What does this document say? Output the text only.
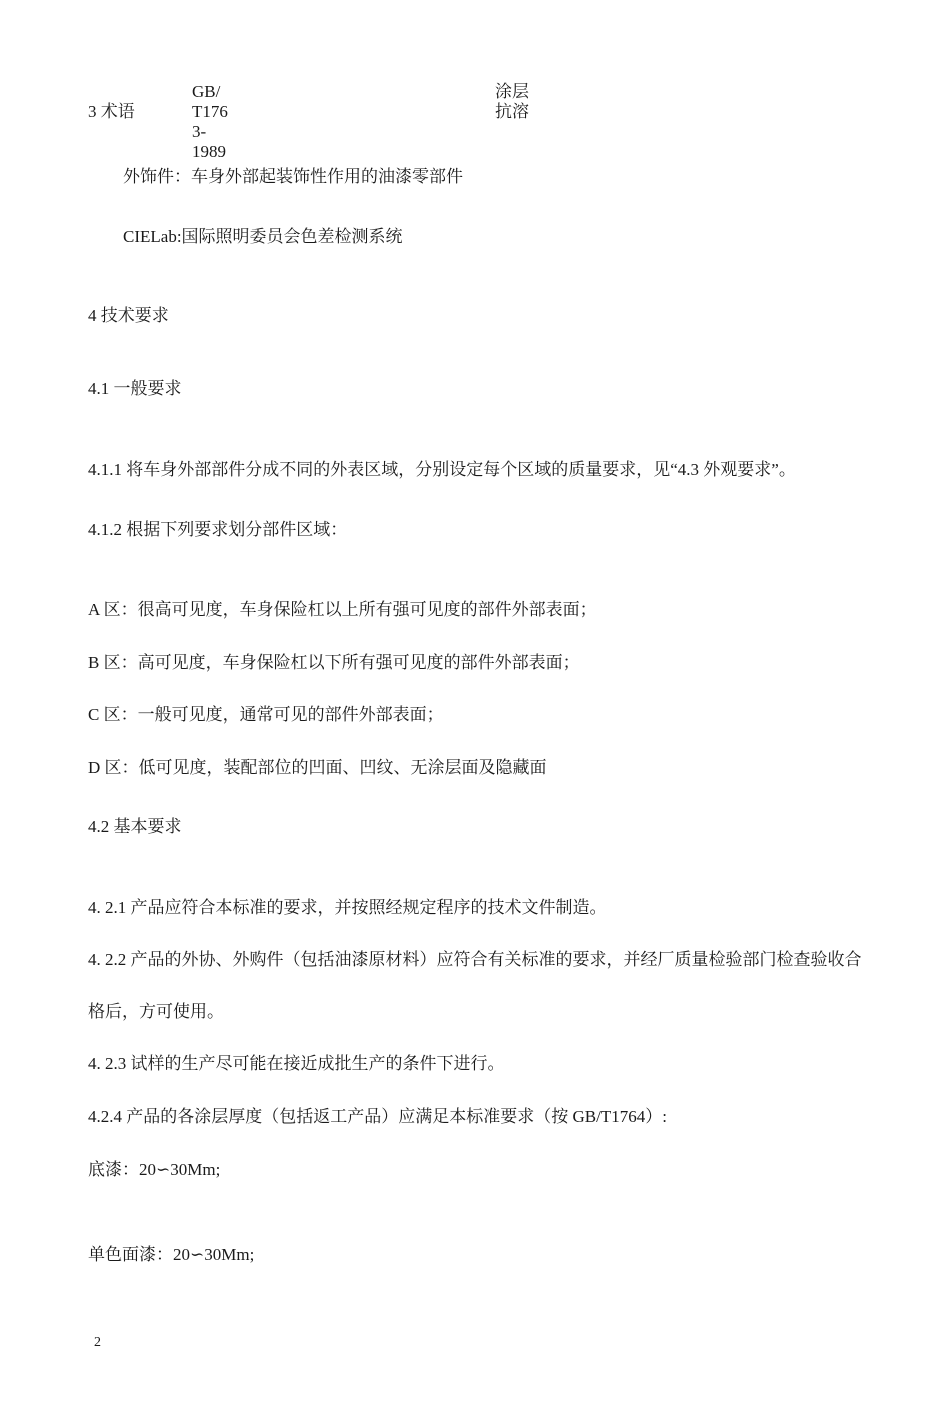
3 术语
GB/
T176
3-
1989
涂层
抗溶
外饰件：车身外部起装饰性作用的油漆零部件
CIELab:国际照明委员会色差检测系统
4 技术要求
4.1 一般要求
4.1.1 将车身外部部件分成不同的外表区域，分别设定每个区域的质量要求，见“4.3 外观要求”。
4.1.2 根据下列要求划分部件区域：
A 区：很高可见度，车身保险杠以上所有强可见度的部件外部表面；
B 区：高可见度，车身保险杠以下所有强可见度的部件外部表面；
C 区：一般可见度，通常可见的部件外部表面；
D 区：低可见度，装配部位的凹面、凹纹、无涂层面及隐藏面
4.2 基本要求
4. 2.1 产品应符合本标准的要求，并按照经规定程序的技术文件制造。
4. 2.2 产品的外协、外购件（包括油漆原材料）应符合有关标准的要求，并经厂质量检验部门检查验收合
格后，方可使用。
4. 2.3 试样的生产尽可能在接近成批生产的条件下进行。
4.2.4 产品的各涂层厚度（包括返工产品）应满足本标准要求（按 GB/T1764）:
底漆：20∽30Mm;
单色面漆：20∽30Mm;
2
